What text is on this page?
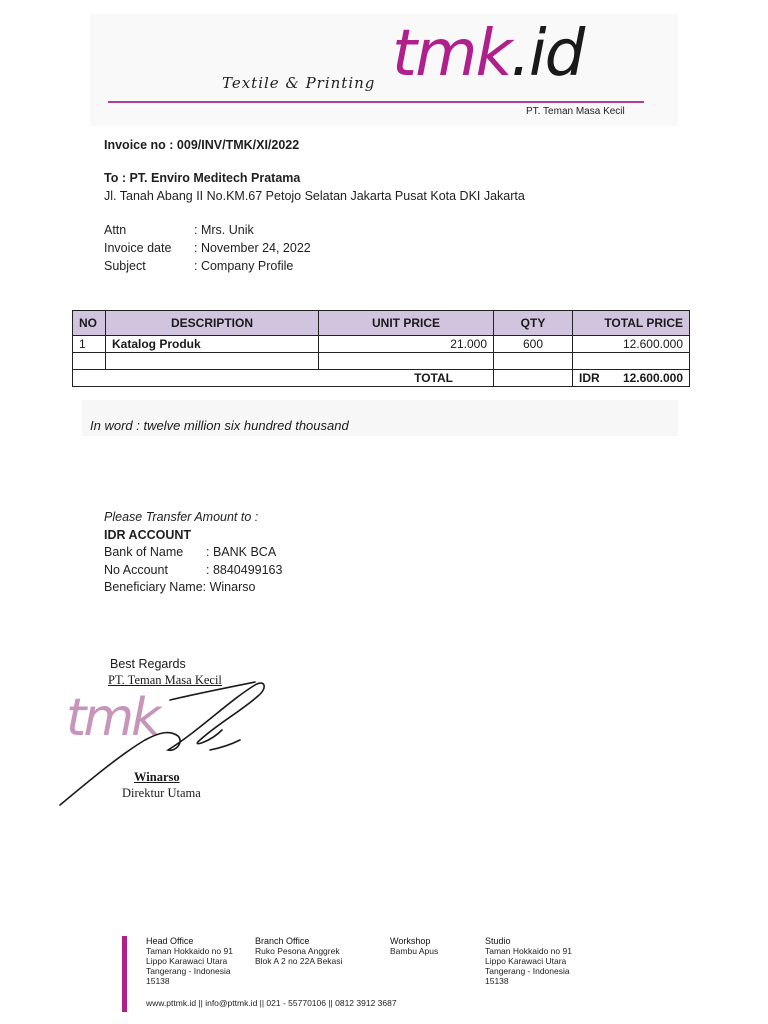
Textile & Printing tmk.id
PT. Teman Masa Kecil
Invoice no : 009/INV/TMK/XI/2022
To : PT. Enviro Meditech Pratama
Jl. Tanah Abang II No.KM.67 Petojo Selatan Jakarta Pusat Kota DKI Jakarta
Attn	: Mrs. Unik
Invoice date	: November 24, 2022
Subject	: Company Profile
NO	DESCRIPTION	UNIT PRICE	QTY	TOTAL PRICE
1	Katalog Produk	21.000	600	12.600.000

TOTAL				IDR 12.600.000
In word : twelve million six hundred thousand
Please Transfer Amount to :
IDR ACCOUNT
Bank of Name	: BANK BCA
No Account	: 8840499163
Beneficiary Name : Winarso
Best Regards
PT. Teman Masa Kecil
tmk
Winarso
Direktur Utama
Head Office
Taman Hokkaido no 91
Lippo Karawaci Utara
Tangerang - Indonesia
15138
Branch Office
Ruko Pesona Anggrek
Blok A 2 no 22A Bekasi
Workshop
Bambu Apus
Studio
Taman Hokkaido no 91
Lippo Karawaci Utara
Tangerang - Indonesia
15138
www.pttmk.id || info@pttmk.id || 021 - 55770106 || 0812 3912 3687
